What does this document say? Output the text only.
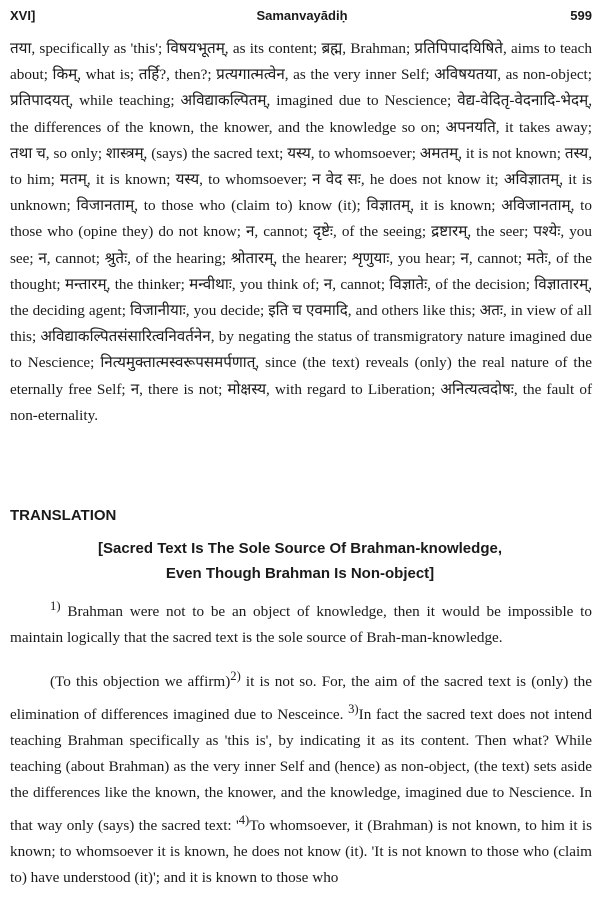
XVI]	Samanvayādiḥ	599

तया, specifically as 'this'; विषयभूतम्, as its content; ब्रह्म, Brahman; प्रतिपिपादयिषिते, aims to teach about; किम्, what is; तर्हि?, then?; प्रत्यगात्मत्वेन, as the very inner Self; अविषयतया, as non-object; प्रतिपादयत्, while teaching; अविद्याकल्पितम्, imagined due to Nescience; वेद्य-वेदितृ-वेदनादि-भेदम्, the differences of the known, the knower, and the knowledge so on; अपनयति, it takes away; तथा च, so only; शास्त्रम्, (says) the sacred text; यस्य, to whomsoever; अमतम्, it is not known; तस्य, to him; मतम्, it is known; यस्य, to whomsoever; न वेद सः, he does not know it; अविज्ञातम्, it is unknown; विजानताम्, to those who (claim to) know (it); विज्ञातम्, it is known; अविजानताम्, to those who (opine they) do not know; न, cannot; दृष्टेः, of the seeing; द्रष्टारम्, the seer; पश्येः, you see; न, cannot; श्रुतेः, of the hearing; श्रोतारम्, the hearer; शृणुयाः, you hear; न, cannot; मतेः, of the thought; मन्तारम्, the thinker; मन्वीथाः, you think of; न, cannot; विज्ञातेः, of the decision; विज्ञातारम्, the deciding agent; विजानीयाः, you decide; इति च एवमादि, and others like this; अतः, in view of all this; अविद्याकल्पितसंसारित्वनिवर्तनेन, by negating the status of transmigratory nature imagined due to Nescience; नित्यमुक्तात्मस्वरूपसमर्पणात्, since (the text) reveals (only) the real nature of the eternally free Self; न, there is not; मोक्षस्य, with regard to Liberation; अनित्यत्वदोषः, the fault of non-eternality.

TRANSLATION
[Sacred Text Is The Sole Source Of Brahman-knowledge,
Even Though Brahman Is Non-object]

$^{1)}$ Brahman were not to be an object of knowledge, then it would be impossible to maintain logically that the sacred text is the sole source of Brah-man-knowledge.

(To this objection we affirm)$^{2)}$ it is not so. For, the aim of the sacred text is (only) the elimination of differences imagined due to Nesceince. $^{3)}$In fact the sacred text does not intend teaching Brahman specifically as 'this is', by indicating it as its content. Then what? While teaching (about Brahman) as the very inner Self and (hence) as non-object, (the text) sets aside the differences like the known, the knower, and the knowledge, imagined due to Nescience. In that way only (says) the sacred text: '$^{4)}To$ whomsoever, it (Brahman) is not known, to him it is known; to whomsoever it is known, he does not know (it). 'It is not known to those who (claim to) have understood (it)'; and it is known to those who
